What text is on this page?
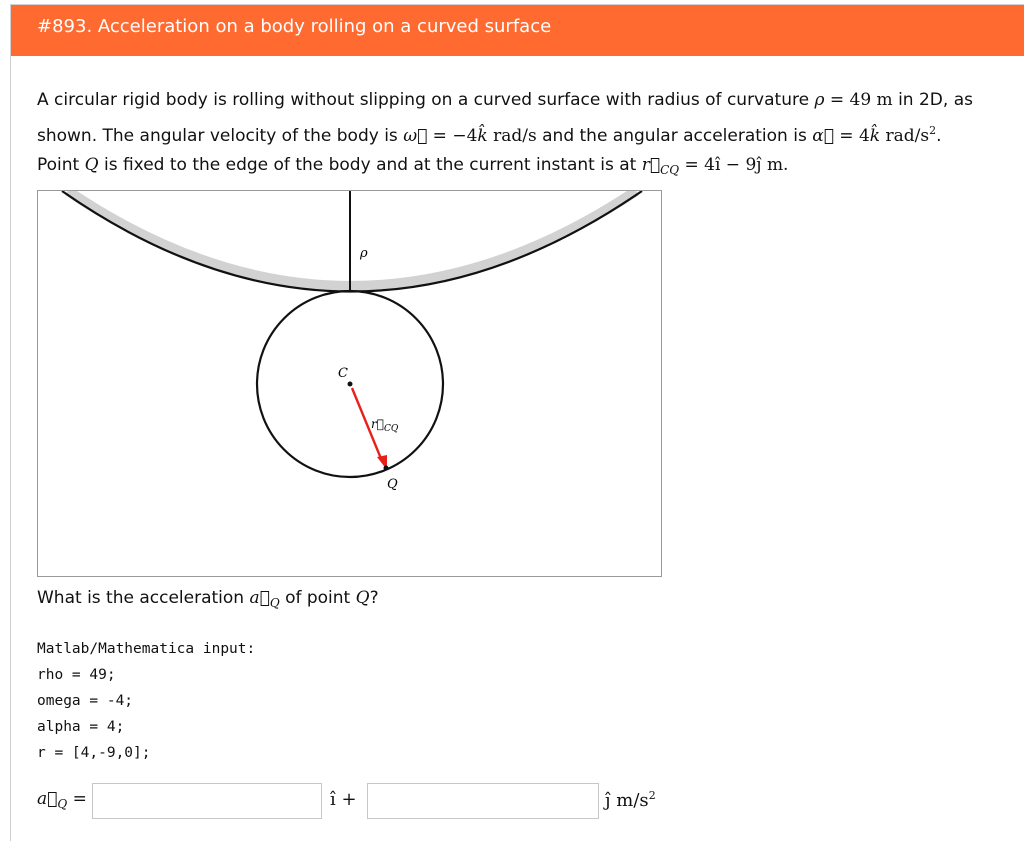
#893. Acceleration on a body rolling on a curved surface
A circular rigid body is rolling without slipping on a curved surface with radius of curvature ρ = 49 m in 2D, as
shown. The angular velocity of the body is ω⃗ = −4k̂ rad/s and the angular acceleration is α⃗ = 4k̂ rad/$s^2$.
Point Q is fixed to the edge of the body and at the current instant is at $r⃗_{CQ}$ = 4ı̂ − 9ȷ̂ m.
ρ
C
$r⃗_{CQ}$
Q
What is the acceleration $a⃗_Q$ of point Q?
Matlab/Mathematica input:
rho = 49;
omega = -4;
alpha = 4;
r = [4,-9,0];
$a⃗_Q$ =	ı̂ +	ȷ̂ $m/s^2$
